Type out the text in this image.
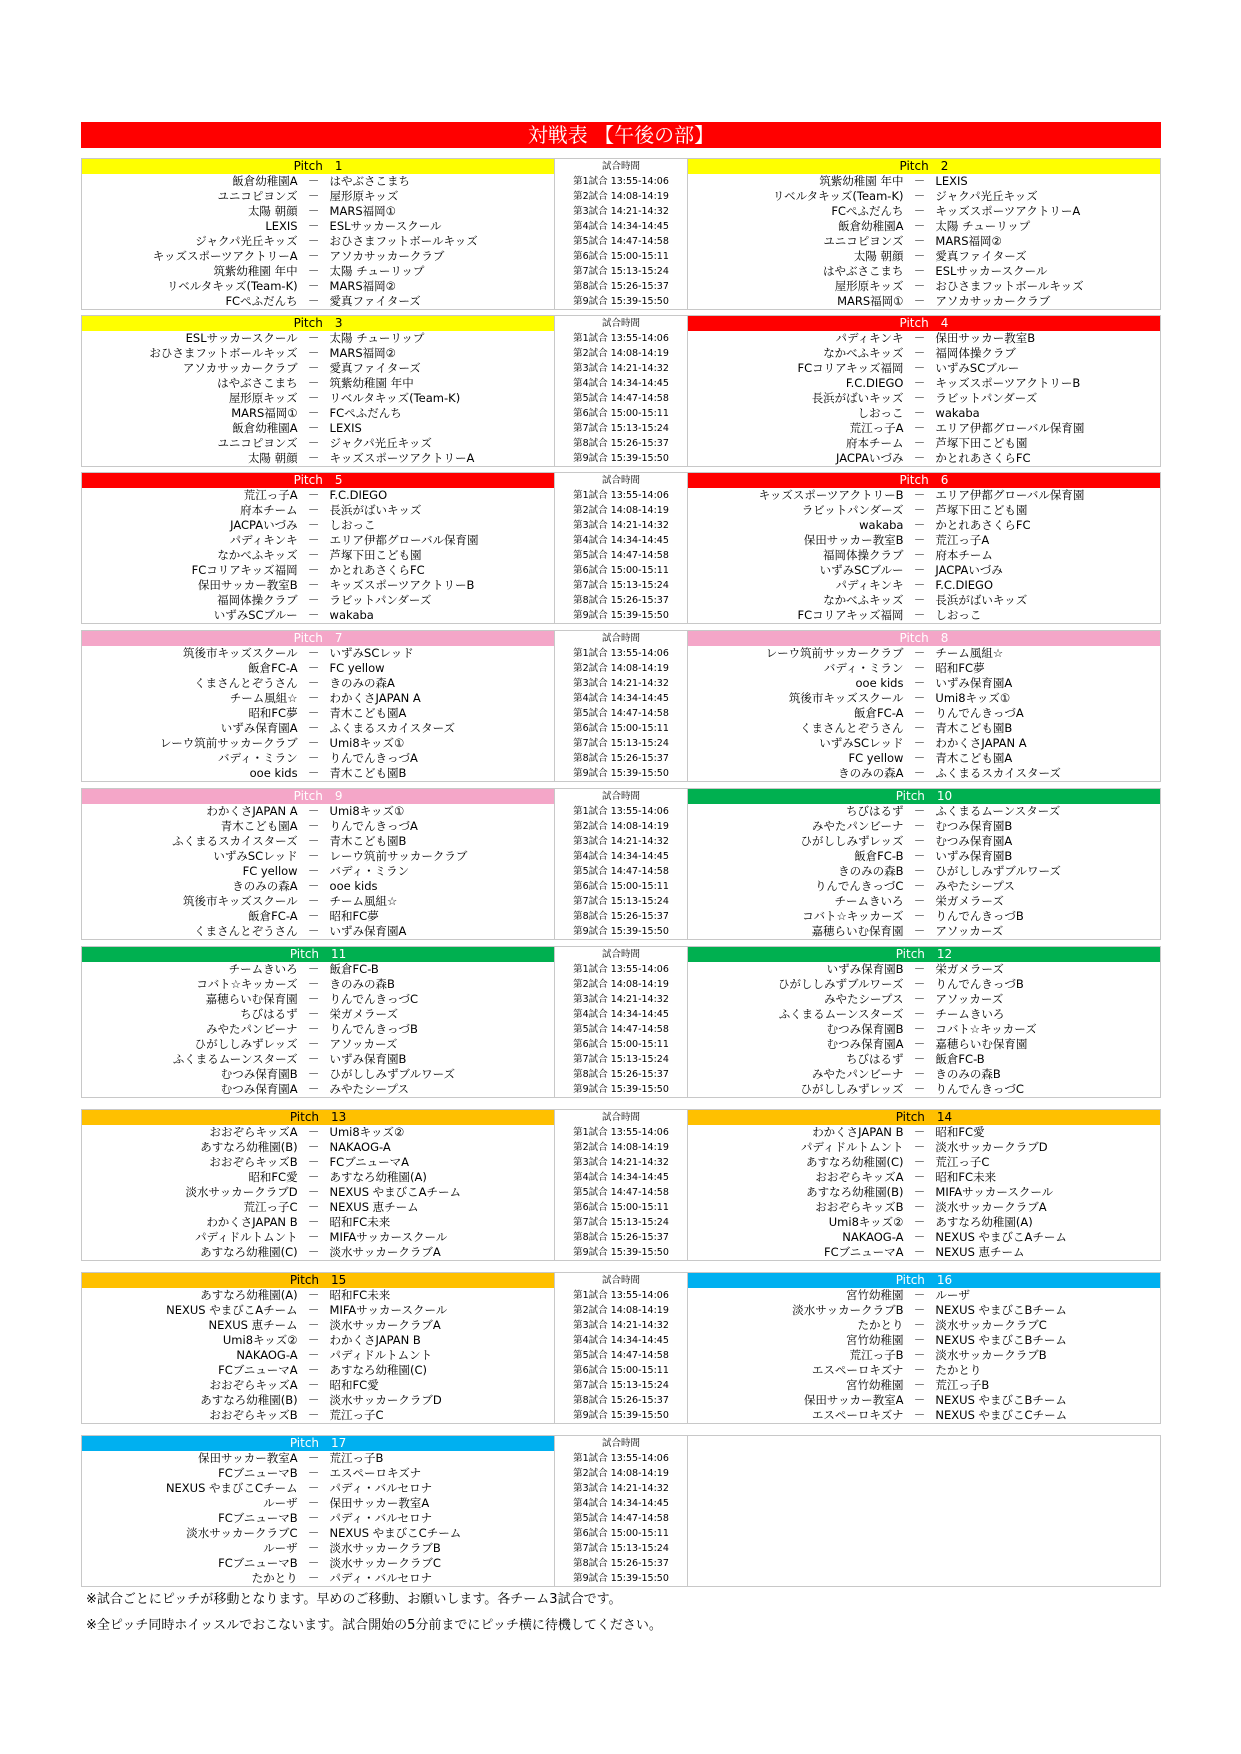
対戦表 【午後の部】
Pitch　1	試合時間	Pitch　2
飯倉幼稚園A － はやぶさこまち	第1試合 13:55-14:06	筑紫幼稚園 年中 － LEXIS
ユニコピヨンズ － 屋形原キッズ	第2試合 14:08-14:19	リベルタキッズ(Team-K) － ジャクパ光丘キッズ
太陽 朝顔 － MARS福岡①	第3試合 14:21-14:32	FCぺふだんち － キッズスポーツアクトリーA
LEXIS － ESLサッカースクール	第4試合 14:34-14:45	飯倉幼稚園A － 太陽 チューリップ
ジャクパ光丘キッズ － おひさまフットボールキッズ	第5試合 14:47-14:58	ユニコピヨンズ － MARS福岡②
キッズスポーツアクトリーA － アソカサッカークラブ	第6試合 15:00-15:11	太陽 朝顔 － 愛真ファイターズ
筑紫幼稚園 年中 － 太陽 チューリップ	第7試合 15:13-15:24	はやぶさこまち － ESLサッカースクール
リベルタキッズ(Team-K) － MARS福岡②	第8試合 15:26-15:37	屋形原キッズ － おひさまフットボールキッズ
FCぺふだんち － 愛真ファイターズ	第9試合 15:39-15:50	MARS福岡① － アソカサッカークラブ
Pitch　3	試合時間	Pitch　4
ESLサッカースクール － 太陽 チューリップ	第1試合 13:55-14:06	パディキンキ － 保田サッカー教室B
おひさまフットボールキッズ － MARS福岡②	第2試合 14:08-14:19	なかべふキッズ － 福岡体操クラブ
アソカサッカークラブ － 愛真ファイターズ	第3試合 14:21-14:32	FCコリアキッズ福岡 － いずみSCブルー
はやぶさこまち － 筑紫幼稚園 年中	第4試合 14:34-14:45	F.C.DIEGO － キッズスポーツアクトリーB
屋形原キッズ － リベルタキッズ(Team-K)	第5試合 14:47-14:58	長浜がばいキッズ － ラビットパンダーズ
MARS福岡① － FCぺふだんち	第6試合 15:00-15:11	しおっこ － wakaba
飯倉幼稚園A － LEXIS	第7試合 15:13-15:24	荒江っ子A － エリア伊都グローバル保育園
ユニコピヨンズ － ジャクパ光丘キッズ	第8試合 15:26-15:37	府本チーム － 芦塚下田こども園
太陽 朝顔 － キッズスポーツアクトリーA	第9試合 15:39-15:50	JACPAいづみ － かとれあさくらFC
Pitch　5	試合時間	Pitch　6
荒江っ子A － F.C.DIEGO	第1試合 13:55-14:06	キッズスポーツアクトリーB － エリア伊都グローバル保育園
府本チーム － 長浜がばいキッズ	第2試合 14:08-14:19	ラビットパンダーズ － 芦塚下田こども園
JACPAいづみ － しおっこ	第3試合 14:21-14:32	wakaba － かとれあさくらFC
パディキンキ － エリア伊都グローバル保育園	第4試合 14:34-14:45	保田サッカー教室B － 荒江っ子A
なかべふキッズ － 芦塚下田こども園	第5試合 14:47-14:58	福岡体操クラブ － 府本チーム
FCコリアキッズ福岡 － かとれあさくらFC	第6試合 15:00-15:11	いずみSCブルー － JACPAいづみ
保田サッカー教室B － キッズスポーツアクトリーB	第7試合 15:13-15:24	パディキンキ － F.C.DIEGO
福岡体操クラブ － ラビットパンダーズ	第8試合 15:26-15:37	なかべふキッズ － 長浜がばいキッズ
いずみSCブルー － wakaba	第9試合 15:39-15:50	FCコリアキッズ福岡 － しおっこ
Pitch　7	試合時間	Pitch　8
筑後市キッズスクール － いずみSCレッド	第1試合 13:55-14:06	レーウ筑前サッカークラブ － チーム風組☆
飯倉FC-A － FC yellow	第2試合 14:08-14:19	バディ・ミラン － 昭和FC夢
くまさんとぞうさん － きのみの森A	第3試合 14:21-14:32	ooe kids － いずみ保育園A
チーム風組☆ － わかくさJAPAN A	第4試合 14:34-14:45	筑後市キッズスクール － Umi8キッズ①
昭和FC夢 － 青木こども園A	第5試合 14:47-14:58	飯倉FC-A － りんでんきっづA
いずみ保育園A － ふくまるスカイスターズ	第6試合 15:00-15:11	くまさんとぞうさん － 青木こども園B
レーウ筑前サッカークラブ － Umi8キッズ①	第7試合 15:13-15:24	いずみSCレッド － わかくさJAPAN A
バディ・ミラン － りんでんきっづA	第8試合 15:26-15:37	FC yellow － 青木こども園A
ooe kids － 青木こども園B	第9試合 15:39-15:50	きのみの森A － ふくまるスカイスターズ
Pitch　9	試合時間	Pitch　10
わかくさJAPAN A － Umi8キッズ①	第1試合 13:55-14:06	ちびはるず － ふくまるムーンスターズ
青木こども園A － りんでんきっづA	第2試合 14:08-14:19	みやたパンビーナ － むつみ保育園B
ふくまるスカイスターズ － 青木こども園B	第3試合 14:21-14:32	ひがししみずレッズ － むつみ保育園A
いずみSCレッド － レーウ筑前サッカークラブ	第4試合 14:34-14:45	飯倉FC-B － いずみ保育園B
FC yellow － バディ・ミラン	第5試合 14:47-14:58	きのみの森B － ひがししみずブルワーズ
きのみの森A － ooe kids	第6試合 15:00-15:11	りんでんきっづC － みやたシープス
筑後市キッズスクール － チーム風組☆	第7試合 15:13-15:24	チームきいろ － 栄ガメラーズ
飯倉FC-A － 昭和FC夢	第8試合 15:26-15:37	コバト☆キッカーズ － りんでんきっづB
くまさんとぞうさん － いずみ保育園A	第9試合 15:39-15:50	嘉穂らいむ保育園 － アソッカーズ
Pitch　11	試合時間	Pitch　12
チームきいろ － 飯倉FC-B	第1試合 13:55-14:06	いずみ保育園B － 栄ガメラーズ
コバト☆キッカーズ － きのみの森B	第2試合 14:08-14:19	ひがししみずブルワーズ － りんでんきっづB
嘉穂らいむ保育園 － りんでんきっづC	第3試合 14:21-14:32	みやたシープス － アソッカーズ
ちびはるず － 栄ガメラーズ	第4試合 14:34-14:45	ふくまるムーンスターズ － チームきいろ
みやたパンビーナ － りんでんきっづB	第5試合 14:47-14:58	むつみ保育園B － コバト☆キッカーズ
ひがししみずレッズ － アソッカーズ	第6試合 15:00-15:11	むつみ保育園A － 嘉穂らいむ保育園
ふくまるムーンスターズ － いずみ保育園B	第7試合 15:13-15:24	ちびはるず － 飯倉FC-B
むつみ保育園B － ひがししみずブルワーズ	第8試合 15:26-15:37	みやたパンビーナ － きのみの森B
むつみ保育園A － みやたシープス	第9試合 15:39-15:50	ひがししみずレッズ － りんでんきっづC
Pitch　13	試合時間	Pitch　14
おおぞらキッズA － Umi8キッズ②	第1試合 13:55-14:06	わかくさJAPAN B － 昭和FC愛
あすなろ幼稚園(B) － NAKAOG-A	第2試合 14:08-14:19	パディドルトムント － 淡水サッカークラブD
おおぞらキッズB － FCブニューマA	第3試合 14:21-14:32	あすなろ幼稚園(C) － 荒江っ子C
昭和FC愛 － あすなろ幼稚園(A)	第4試合 14:34-14:45	おおぞらキッズA － 昭和FC未来
淡水サッカークラブD － NEXUS やまびこAチーム	第5試合 14:47-14:58	あすなろ幼稚園(B) － MIFAサッカースクール
荒江っ子C － NEXUS 恵チーム	第6試合 15:00-15:11	おおぞらキッズB － 淡水サッカークラブA
わかくさJAPAN B － 昭和FC未来	第7試合 15:13-15:24	Umi8キッズ② － あすなろ幼稚園(A)
パディドルトムント － MIFAサッカースクール	第8試合 15:26-15:37	NAKAOG-A － NEXUS やまびこAチーム
あすなろ幼稚園(C) － 淡水サッカークラブA	第9試合 15:39-15:50	FCブニューマA － NEXUS 恵チーム
Pitch　15	試合時間	Pitch　16
あすなろ幼稚園(A) － 昭和FC未来	第1試合 13:55-14:06	宮竹幼稚園 － ルーザ
NEXUS やまびこAチーム － MIFAサッカースクール	第2試合 14:08-14:19	淡水サッカークラブB － NEXUS やまびこBチーム
NEXUS 恵チーム － 淡水サッカークラブA	第3試合 14:21-14:32	たかとり － 淡水サッカークラブC
Umi8キッズ② － わかくさJAPAN B	第4試合 14:34-14:45	宮竹幼稚園 － NEXUS やまびこBチーム
NAKAOG-A － パディドルトムント	第5試合 14:47-14:58	荒江っ子B － 淡水サッカークラブB
FCブニューマA － あすなろ幼稚園(C)	第6試合 15:00-15:11	エスペーロキズナ － たかとり
おおぞらキッズA － 昭和FC愛	第7試合 15:13-15:24	宮竹幼稚園 － 荒江っ子B
あすなろ幼稚園(B) － 淡水サッカークラブD	第8試合 15:26-15:37	保田サッカー教室A － NEXUS やまびこBチーム
おおぞらキッズB － 荒江っ子C	第9試合 15:39-15:50	エスペーロキズナ － NEXUS やまびこCチーム
Pitch　17	試合時間
保田サッカー教室A － 荒江っ子B	第1試合 13:55-14:06
FCブニューマB － エスペーロキズナ	第2試合 14:08-14:19
NEXUS やまびこCチーム － パディ・バルセロナ	第3試合 14:21-14:32
ルーザ － 保田サッカー教室A	第4試合 14:34-14:45
FCブニューマB － パディ・バルセロナ	第5試合 14:47-14:58
淡水サッカークラブC － NEXUS やまびこCチーム	第6試合 15:00-15:11
ルーザ － 淡水サッカークラブB	第7試合 15:13-15:24
FCブニューマB － 淡水サッカークラブC	第8試合 15:26-15:37
たかとり － パディ・バルセロナ	第9試合 15:39-15:50
※試合ごとにピッチが移動となります。早めのご移動、お願いします。各チーム3試合です。
※全ピッチ同時ホイッスルでおこないます。試合開始の5分前までにピッチ横に待機してください。
